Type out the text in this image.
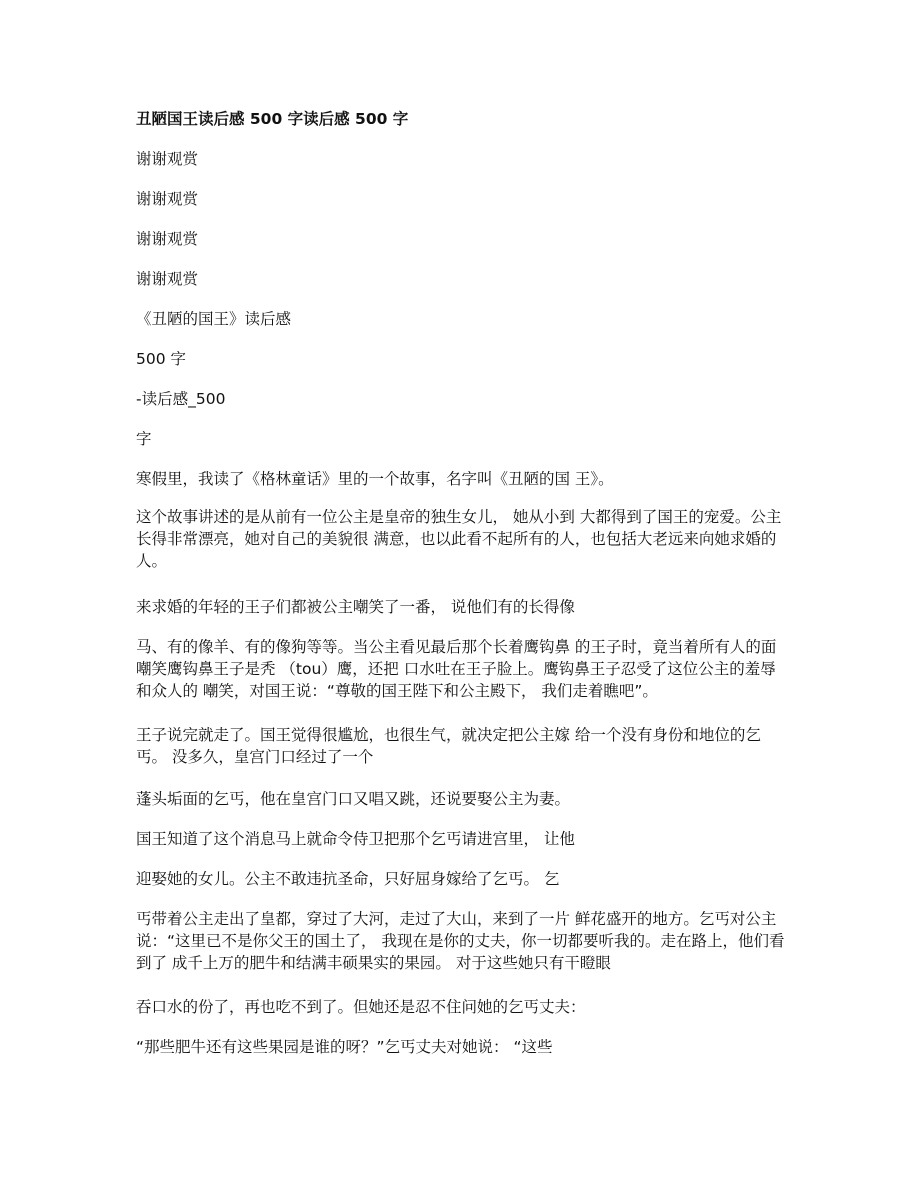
丑陋国王读后感 500 字读后感 500 字

谢谢观赏

谢谢观赏

谢谢观赏

谢谢观赏

《丑陋的国王》读后感

500 字

-读后感_500

字

寒假里，我读了《格林童话》里的一个故事，名字叫《丑陋的国 王》。

这个故事讲述的是从前有一位公主是皇帝的独生女儿， 她从小到 大都得到了国王的宠爱。公主长得非常漂亮，她对自己的美貌很 满意，也以此看不起所有的人，也包括大老远来向她求婚的人。

来求婚的年轻的王子们都被公主嘲笑了一番， 说他们有的长得像

马、有的像羊、有的像狗等等。当公主看见最后那个长着鹰钩鼻 的王子时，竟当着所有人的面嘲笑鹰钩鼻王子是秃 （tou）鹰，还把 口水吐在王子脸上。鹰钩鼻王子忍受了这位公主的羞辱和众人的 嘲笑，对国王说：“尊敬的国王陛下和公主殿下， 我们走着瞧吧”。

王子说完就走了。国王觉得很尴尬，也很生气，就决定把公主嫁 给一个没有身份和地位的乞丐。 没多久，皇宫门口经过了一个

蓬头垢面的乞丐，他在皇宫门口又唱又跳，还说要娶公主为妻。

国王知道了这个消息马上就命令侍卫把那个乞丐请进宫里， 让他

迎娶她的女儿。公主不敢违抗圣命，只好屈身嫁给了乞丐。 乞

丐带着公主走出了皇都，穿过了大河，走过了大山，来到了一片 鲜花盛开的地方。乞丐对公主说：“这里已不是你父王的国土了， 我现在是你的丈夫，你一切都要听我的。走在路上，他们看到了 成千上万的肥牛和结满丰硕果实的果园。 对于这些她只有干瞪眼

吞口水的份了，再也吃不到了。但她还是忍不住问她的乞丐丈夫：

“那些肥牛还有这些果园是谁的呀？”乞丐丈夫对她说： “这些
